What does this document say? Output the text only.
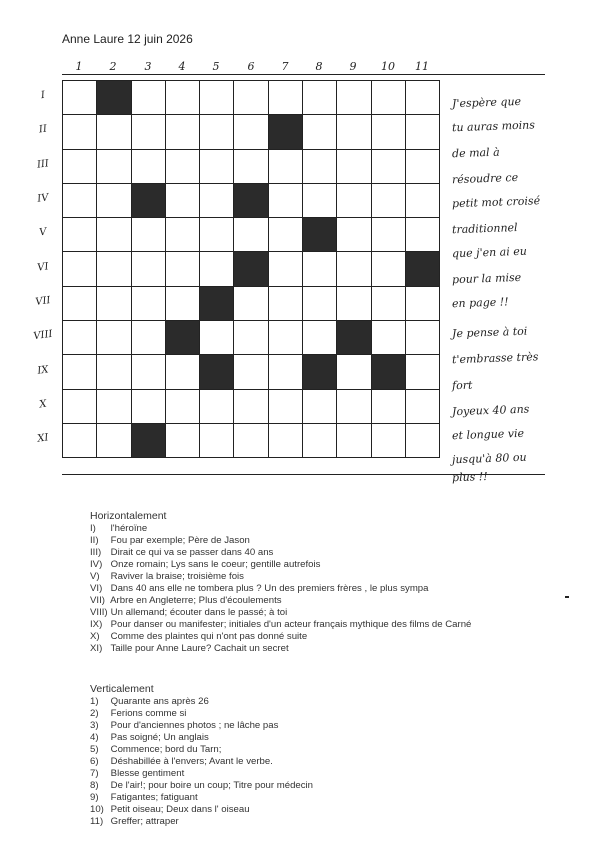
Anne Laure 12 juin 2026
1	2	3	4	5	6	7	8	9	10	11
I
II
III
IV
V
VI
VII
VIII
IX
X
XI
J'espère que
tu auras moins
de mal à
résoudre ce
petit mot croisé
traditionnel
que j'en ai eu
pour la mise
en page !!
Je pense à toi
t'embrasse très
fort
Joyeux 40 ans
et longue vie
jusqu'à 80 ou
plus !!
Horizontalement
I) l'héroïne
II) Fou par exemple; Père de Jason
III) Dirait ce qui va se passer dans 40 ans
IV) Onze romain; Lys sans le coeur; gentille autrefois
V) Raviver la braise; troisième fois
VI) Dans 40 ans elle ne tombera plus ? Un des premiers frères , le plus sympa
VII) Arbre en Angleterre; Plus d'écoulements
VIII) Un allemand; écouter dans le passé; à toi
IX) Pour danser ou manifester; initiales d'un acteur français mythique des films de Carné
X) Comme des plaintes qui n'ont pas donné suite
XI) Taille pour Anne Laure? Cachait un secret
Verticalement
1) Quarante ans après 26
2) Ferions comme si
3) Pour d'anciennes photos ; ne lâche pas
4) Pas soigné; Un anglais
5) Commence; bord du Tarn;
6) Déshabillée à l'envers; Avant le verbe.
7) Blesse gentiment
8) De l'air!; pour boire un coup; Titre pour médecin
9) Fatigantes; fatiguant
10) Petit oiseau; Deux dans l' oiseau
11) Greffer; attraper
